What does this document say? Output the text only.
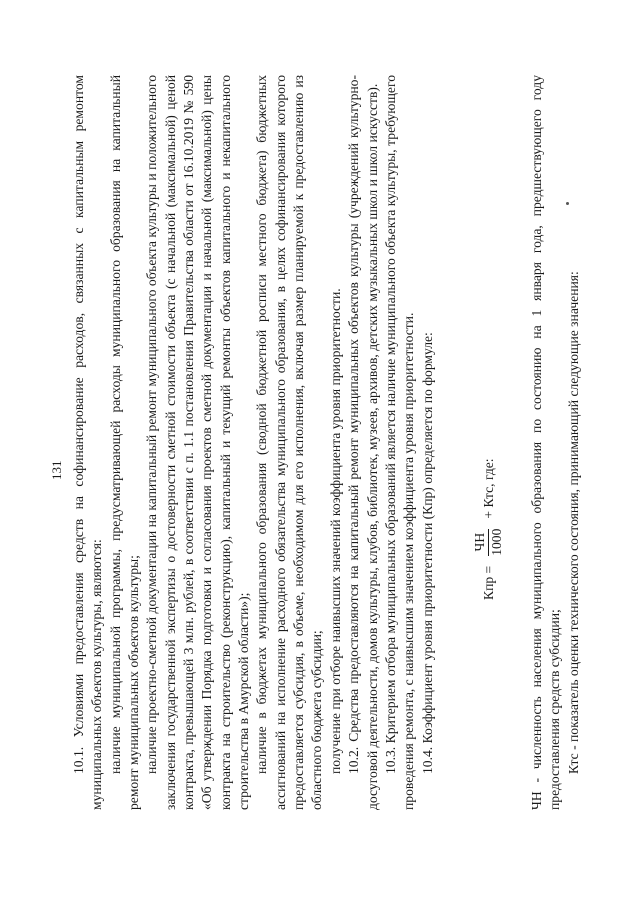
131 10.1. Условиями предоставления средств на софинансирование расходов, связанных с капитальным ремонтом муниципальных объектов культуры, являются: наличие муниципальной программы, предусматривающей расходы муниципального образования на капитальный ремонт муниципальных объектов культуры; наличие проектно-сметной документации на капитальный ремонт муниципального объекта культуры и положительного заключения государственной экспертизы о достоверности сметной стоимости объекта (с начальной (максимальной) ценой контракта, превышающей 3 млн. рублей, в соответствии с п. 1.1 постановления Правительства области от 16.10.2019 № 590 «Об утверждении Порядка подготовки и согласования проектов сметной документации и начальной (максимальной) цены контракта на строительство (реконструкцию), капитальный и текущий ремонты объектов капитального и некапитального строительства в Амурской области»); наличие в бюджетах муниципального образования (сводной бюджетной росписи местного бюджета) бюджетных ассигнований на исполнение расходного обязательства муниципального образования, в целях софинансирования которого предоставляется субсидия, в объеме, необходимом для его исполнения, включая размер планируемой к предоставлению из областного бюджета субсидии; получение при отборе наивысших значений коэффициента уровня приоритетности. 10.2. Средства предоставляются на капитальный ремонт муниципальных объектов культуры (учреждений культурно-досуговой деятельности, домов культуры, клубов, библиотек, музеев, архивов, детских музыкальных школ и школ искусств). 10.3. Критерием отбора муниципальных образований является наличие муниципального объекта культуры, требующего проведения ремонта, с наивысшим значением коэффициента уровня приоритетности. 10.4. Коэффициент уровня приоритетности (Кпр) определяется по формуле:	Кпр =
ЧН 1000
+ Ктс, где: ЧН - численность населения муниципального образования по состоянию на 1 января года, предшествующего году предоставления средств субсидии; Ктс - показатель оценки технического состояния, принимающий следующие значения:
